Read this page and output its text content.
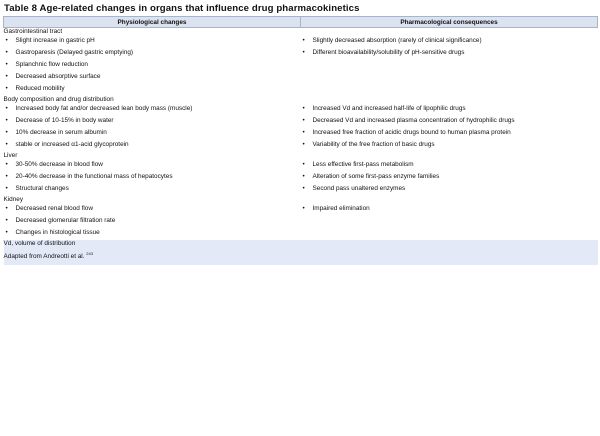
Table 8 Age-related changes in organs that influence drug pharmacokinetics
Physiological changes	Pharmacological consequences
Gastrointestinal tract	
• Slight increase in gastric pH	• Slightly decreased absorption (rarely of clinical significance)
• Gastroparesis (Delayed gastric emptying)	• Different bioavailability/solubility of pH-sensitive drugs
• Splanchnic flow reduction	
• Decreased absorptive surface	
• Reduced mobility	
Body composition and drug distribution	
• Increased body fat and/or decreased lean body mass (muscle)	• Increased Vd and increased half-life of lipophilic drugs
• Decrease of 10-15% in body water	• Decreased Vd and increased plasma concentration of hydrophilic drugs
• 10% decrease in serum albumin	• Increased free fraction of acidic drugs bound to human plasma protein
• stable or increased α1-acid glycoprotein	• Variability of the free fraction of basic drugs
Liver	
• 30-50% decrease in blood flow	• Less effective first-pass metabolism
• 20-40% decrease in the functional mass of hepatocytes	• Alteration of some first-pass enzyme families
• Structural changes	• Second pass unaltered enzymes
Kidney	
• Decreased renal blood flow	• Impaired elimination
• Decreased glomerular filtration rate	
• Changes in histological tissue	
Vd, volume of distribution	
Adapted from Andreotti et al. $^{243}$
